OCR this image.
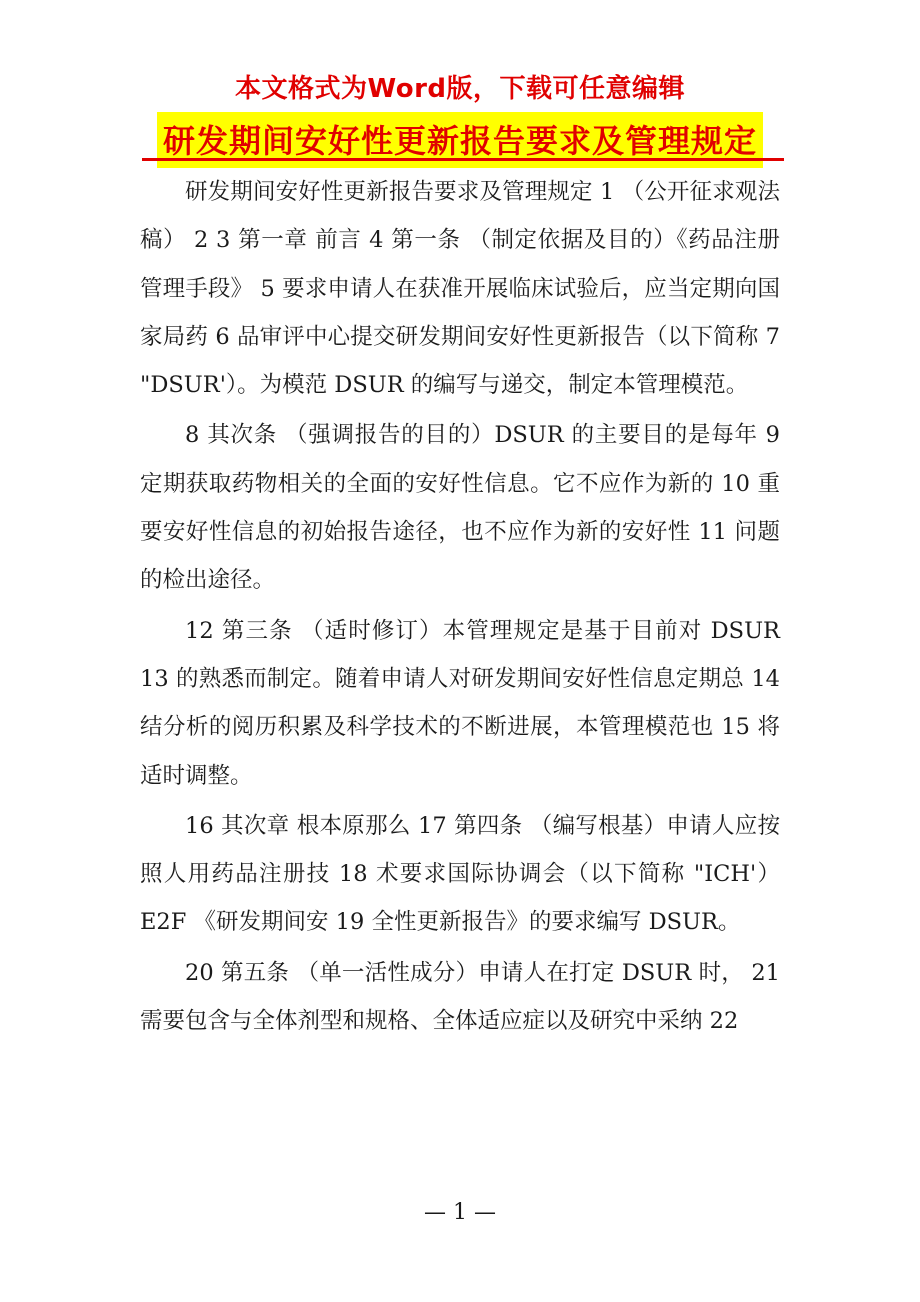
本文格式为Word版，下载可任意编辑
研发期间安好性更新报告要求及管理规定

研发期间安好性更新报告要求及管理规定 1 （公开征求观法稿） 2 3 第一章 前言 4 第一条 （制定依据及目的）《药品注册管理手段》 5 要求申请人在获准开展临床试验后，应当定期向国家局药 6 品审评中心提交研发期间安好性更新报告（以下简称 7 "DSUR'）。为模范 DSUR 的编写与递交，制定本管理模范。

8 其次条 （强调报告的目的）DSUR 的主要目的是每年 9 定期获取药物相关的全面的安好性信息。它不应作为新的 10 重要安好性信息的初始报告途径，也不应作为新的安好性 11 问题的检出途径。

12 第三条 （适时修订）本管理规定是基于目前对 DSUR 13 的熟悉而制定。随着申请人对研发期间安好性信息定期总 14 结分析的阅历积累及科学技术的不断进展，本管理模范也 15 将适时调整。

16 其次章 根本原那么 17 第四条 （编写根基）申请人应按照人用药品注册技 18 术要求国际协调会（以下简称 "ICH'）E2F 《研发期间安 19 全性更新报告》的要求编写 DSUR。

20 第五条 （单一活性成分）申请人在打定 DSUR 时， 21 需要包含与全体剂型和规格、全体适应症以及研究中采纳 22

— 1 —
